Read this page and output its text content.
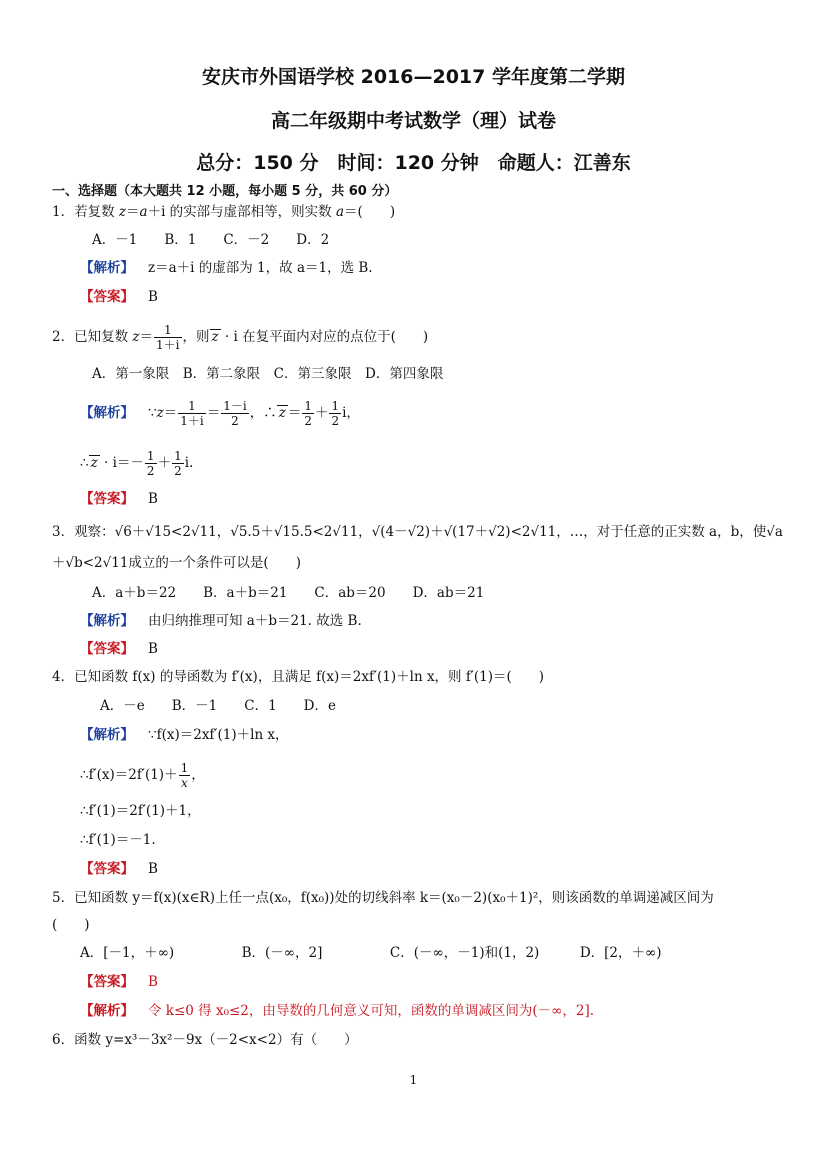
安庆市外国语学校 2016—2017 学年度第二学期
高二年级期中考试数学（理）试卷
总分：150 分　时间：120 分钟　命题人：江善东
一、选择题（本大题共 12 小题，每小题 5 分，共 60 分）
1．若复数 z＝a＋i 的实部与虚部相等，则实数 a＝(　　)
A．－1　　B．1　　C．－2　　D．2
【解析】 z＝a＋i 的虚部为 1，故 a＝1，选 B.
【答案】 B
2．已知复数 $z= \frac{1}{1+i}$ ，则 z · i 在复平面内对应的点位于(　　)
A．第一象限　B．第二象限　C．第三象限　D．第四象限
【解析】 ∵z＝ $\frac{1}{1+i} = \frac{1-i}{2}$ ，∴ $z = \frac{1}{2} + \frac{1}{2}$ i，
∴ $z \cdot i=- \frac{1}{2} + \frac{1}{2} i$.
【答案】 B
3．观察：√6＋√15<2√11，√5.5＋√15.5<2√11，√(4－√2)＋√(17＋√2)<2√11，…，对于任意的正实数 a，b，使√a
＋√b<2√11成立的一个条件可以是(　　)
A．a＋b＝22　　B．a＋b＝21　　C．ab＝20　　D．ab＝21
【解析】 由归纳推理可知 a＋b＝21. 故选 B.
【答案】 B
4．已知函数 f(x) 的导函数为 f′(x)，且满足 f(x)＝2xf′(1)＋ln x，则 f′(1)＝(　　)
A．－e　　B．－1　　C．1　　D．e
【解析】 ∵f(x)＝2xf′(1)＋ln x，
∴f′(x)＝2f′(1)＋ $\frac{1}{x}$ ，
∴f′(1)＝2f′(1)＋1，
∴f′(1)＝－1.
【答案】 B
5．已知函数 y＝f(x)(x∈R)上任一点(x₀，f(x₀))处的切线斜率 k＝(x₀－2)(x₀＋1)²，则该函数的单调递减区间为
(　　)
A．[－1，＋∞)　　　　　B．(－∞，2]　　　　　C．(－∞，－1)和(1，2)　　　D．[2，＋∞)
【答案】 B
【解析】 令 k≤0 得 x₀≤2，由导数的几何意义可知，函数的单调减区间为(－∞，2].
6．函数 y=x³－3x²－9x（－2<x<2）有（　　）
1
